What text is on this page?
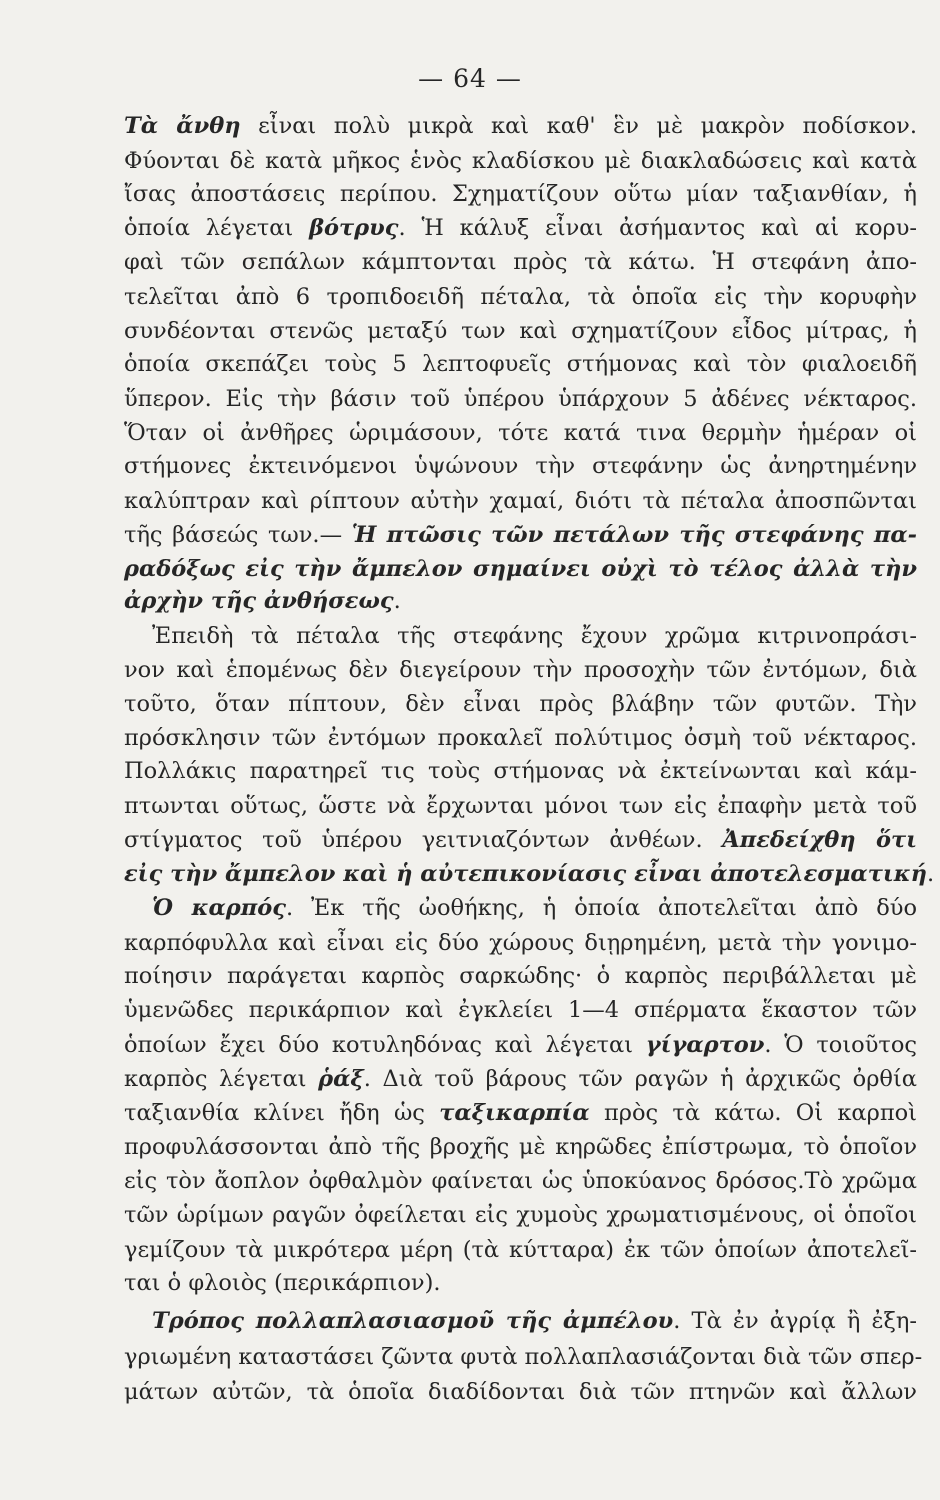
— 64 —
Τὰ ἄνθη εἶναι πολὺ μικρὰ καὶ καθ' ἓν μὲ μακρὸν ποδίσκον.
Φύονται δὲ κατὰ μῆκος ἑνὸς κλαδίσκου μὲ διακλαδώσεις καὶ κατὰ
ἴσας ἀποστάσεις περίπου. Σχηματίζουν οὕτω μίαν ταξιανθίαν, ἡ
ὁποία λέγεται βότρυς. Ἡ κάλυξ εἶναι ἀσήμαντος καὶ αἱ κορυ-
φαὶ τῶν σεπάλων κάμπτονται πρὸς τὰ κάτω. Ἡ στεφάνη ἀπο-
τελεῖται ἀπὸ 6 τροπιδοειδῆ πέταλα, τὰ ὁποῖα εἰς τὴν κορυφὴν
συνδέονται στενῶς μεταξύ των καὶ σχηματίζουν εἶδος μίτρας, ἡ
ὁποία σκεπάζει τοὺς 5 λεπτοφυεῖς στήμονας καὶ τὸν φιαλοειδῆ
ὕπερον. Εἰς τὴν βάσιν τοῦ ὑπέρου ὑπάρχουν 5 ἀδένες νέκταρος.
Ὅταν οἱ ἀνθῆρες ὡριμάσουν, τότε κατά τινα θερμὴν ἡμέραν οἱ
στήμονες ἐκτεινόμενοι ὑψώνουν τὴν στεφάνην ὡς ἀνηρτημένην
καλύπτραν καὶ ρίπτουν αὐτὴν χαμαί, διότι τὰ πέταλα ἀποσπῶνται
τῆς βάσεώς των.— Ἡ πτῶσις τῶν πετάλων τῆς στεφάνης πα-
ραδόξως εἰς τὴν ἄμπελον σημαίνει οὐχὶ τὸ τέλος ἀλλὰ τὴν
ἀρχὴν τῆς ἀνθήσεως.
Ἐπειδὴ τὰ πέταλα τῆς στεφάνης ἔχουν χρῶμα κιτρινοπράσι-
νον καὶ ἑπομένως δὲν διεγείρουν τὴν προσοχὴν τῶν ἐντόμων, διὰ
τοῦτο, ὅταν πίπτουν, δὲν εἶναι πρὸς βλάβην τῶν φυτῶν. Τὴν
πρόσκλησιν τῶν ἐντόμων προκαλεῖ πολύτιμος ὀσμὴ τοῦ νέκταρος.
Πολλάκις παρατηρεῖ τις τοὺς στήμονας νὰ ἐκτείνωνται καὶ κάμ-
πτωνται οὕτως, ὥστε νὰ ἔρχωνται μόνοι των εἰς ἐπαφὴν μετὰ τοῦ
στίγματος τοῦ ὑπέρου γειτνιαζόντων ἀνθέων. Ἀπεδείχθη ὅτι
εἰς τὴν ἄμπελον καὶ ἡ αὐτεπικονίασις εἶναι ἀποτελεσματική.
Ὁ καρπός. Ἐκ τῆς ὠοθήκης, ἡ ὁποία ἀποτελεῖται ἀπὸ δύο
καρπόφυλλα καὶ εἶναι εἰς δύο χώρους διῃρημένη, μετὰ τὴν γονιμο-
ποίησιν παράγεται καρπὸς σαρκώδης· ὁ καρπὸς περιβάλλεται μὲ
ὑμενῶδες περικάρπιον καὶ ἐγκλείει 1—4 σπέρματα ἕκαστον τῶν
ὁποίων ἔχει δύο κοτυληδόνας καὶ λέγεται γίγαρτον. Ὁ τοιοῦτος
καρπὸς λέγεται ῥάξ. Διὰ τοῦ βάρους τῶν ραγῶν ἡ ἀρχικῶς ὀρθία
ταξιανθία κλίνει ἤδη ὡς ταξικαρπία πρὸς τὰ κάτω. Οἱ καρποὶ
προφυλάσσονται ἀπὸ τῆς βροχῆς μὲ κηρῶδες ἐπίστρωμα, τὸ ὁποῖον
εἰς τὸν ἄοπλον ὀφθαλμὸν φαίνεται ὡς ὑποκύανος δρόσος.Τὸ χρῶμα
τῶν ὡρίμων ραγῶν ὀφείλεται εἰς χυμοὺς χρωματισμένους, οἱ ὁποῖοι
γεμίζουν τὰ μικρότερα μέρη (τὰ κύτταρα) ἐκ τῶν ὁποίων ἀποτελεῖ-
ται ὁ φλοιὸς (περικάρπιον).
Τρόπος πολλαπλασιασμοῦ τῆς ἀμπέλου. Τὰ ἐν ἀγρίᾳ ἢ ἐξη-
γριωμένη καταστάσει ζῶντα φυτὰ πολλαπλασιάζονται διὰ τῶν σπερ-
μάτων αὐτῶν, τὰ ὁποῖα διαδίδονται διὰ τῶν πτηνῶν καὶ ἄλλων
